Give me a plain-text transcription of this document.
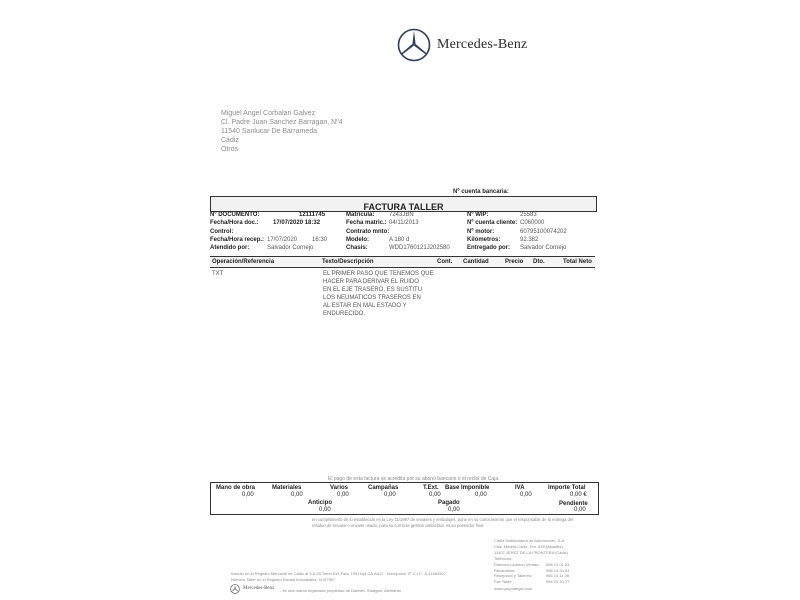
Mercedes-Benz
Miguel Angel Corbalan Galvez
Cl. Padre Juan Sanchez Barragan, Nº4
11540 Sanlucar De Barrameda
Cádiz
Otros
Nº cuenta bancaria:
FACTURA TALLER
Nº DOCUMENTO:	12111745
Fecha/Hora doc.: 17/07/2020 18:32
Control:
Fecha/Hora recep.: 17/07/2020 16:30
Atendido por:	Salvador Cornejo
Matrícula: 7243JBN
Fecha matric.: 04/11/2013
Contrato mnto:
Modelo:	A 180 d
Chasis:	WDD1760121J202580
Nº WIP:	25583
Nº cuenta cliente: C060000
Nº motor:	60795100074202
Kilómetros:	92.382
Entregado por: Salvador Cornejo
Operación/Referencia	Texto/Descripción	Cont. Cantidad	Precio Dto.	Total Neto
TXT	EL PRIMER PASO QUE TENEMOS QUE
HACER PARA DERIVAR EL RUIDO
EN EL EJE TRASERO, ES SUSTITU
LOS NEUMATICOS TRASEROS EN
AL ESTAR EN MAL ESTADO Y
ENDURECIDO.
El pago de esta factura se acredita por su abono bancario o el recibí de Caja.
Mano de obra
0,00
Materiales
0,00
Varios
0,00
Campañas
0,00
T.Ext.
0,00
Base Imponible
0,00
IVA
0,00
Importe Total
0,00 €
Anticipo
0,00
Pagado
0,00
Pendiente
0,00
en cumplimiento de lo establecido en la Ley 11/1997 de envases y embalajes, pone en su conocimiento que el responsable de la entrega del
residuo de envase o envase usado, para su correcta gestión ambiental, es su poseedor final
Inscrito en el Registro Mercantil de Cádiz al 3-6-93,Tomo 819,Folio 199,Hoja CA-6412 - Inscripción 1ª. C.I.F.: A-11682507.
Número Taller en el Registro Estatal Industriales: 11/07967
Cádiz Distribuidora de Automoción, S.A.
Ctra. Madrid-Cádiz, Km. 639 (Abadilla)
11407 JEREZ DE LA FRONTERA (Cádiz)
Teléfonos:
Dirección-Admon-Ventas: 956 14 01 53
Recambios:	956 14 34 04
Recepción y Talleres:	956 14 11 06
Fax Taller:	956 20 33 77
www.grupoangel.com
Mercedes-Benz - es una marca registrada propiedad de Daimler, Stuttgart, Alemania
